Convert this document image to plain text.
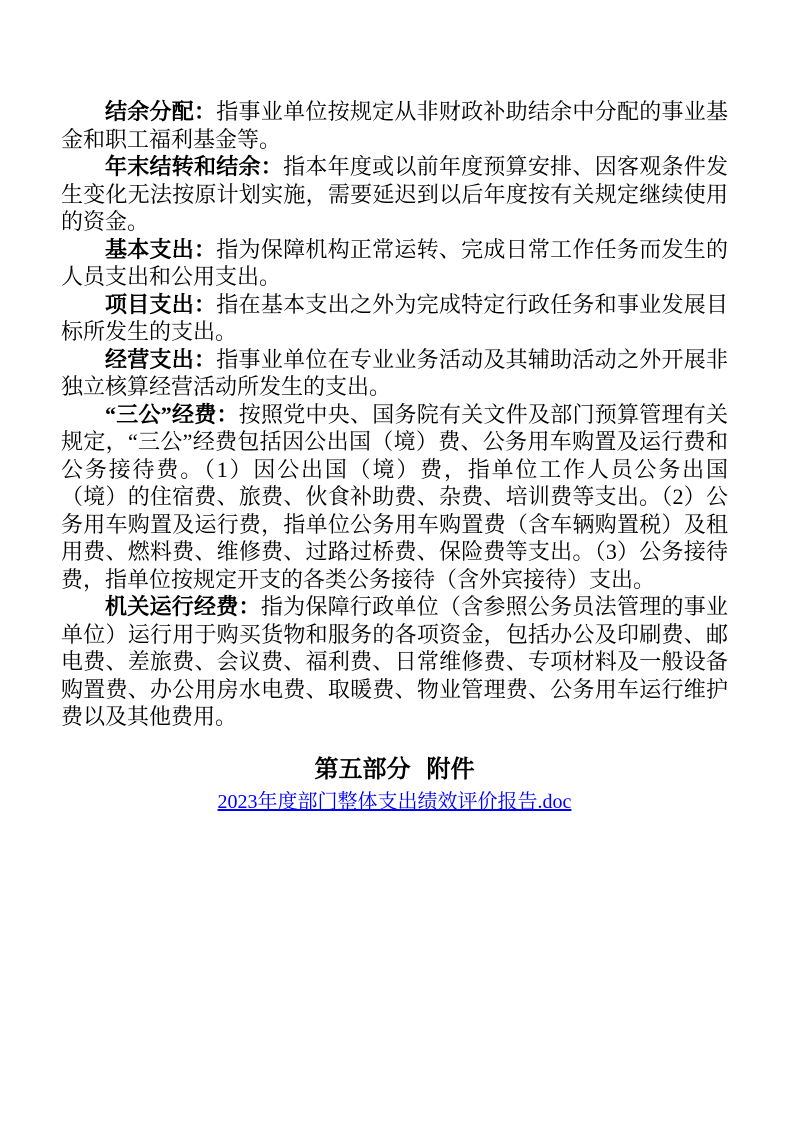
结余分配：指事业单位按规定从非财政补助结余中分配的事业基金和职工福利基金等。

年末结转和结余：指本年度或以前年度预算安排、因客观条件发生变化无法按原计划实施，需要延迟到以后年度按有关规定继续使用的资金。

基本支出：指为保障机构正常运转、完成日常工作任务而发生的人员支出和公用支出。

项目支出：指在基本支出之外为完成特定行政任务和事业发展目标所发生的支出。

经营支出：指事业单位在专业业务活动及其辅助活动之外开展非独立核算经营活动所发生的支出。

“三公”经费：按照党中央、国务院有关文件及部门预算管理有关规定，“三公”经费包括因公出国（境）费、公务用车购置及运行费和公务接待费。（1）因公出国（境）费，指单位工作人员公务出国（境）的住宿费、旅费、伙食补助费、杂费、培训费等支出。（2）公务用车购置及运行费，指单位公务用车购置费（含车辆购置税）及租用费、燃料费、维修费、过路过桥费、保险费等支出。（3）公务接待费，指单位按规定开支的各类公务接待（含外宾接待）支出。

机关运行经费：指为保障行政单位（含参照公务员法管理的事业单位）运行用于购买货物和服务的各项资金，包括办公及印刷费、邮电费、差旅费、会议费、福利费、日常维修费、专项材料及一般设备购置费、办公用房水电费、取暖费、物业管理费、公务用车运行维护费以及其他费用。

第五部分 附件

2023年度部门整体支出绩效评价报告.doc
